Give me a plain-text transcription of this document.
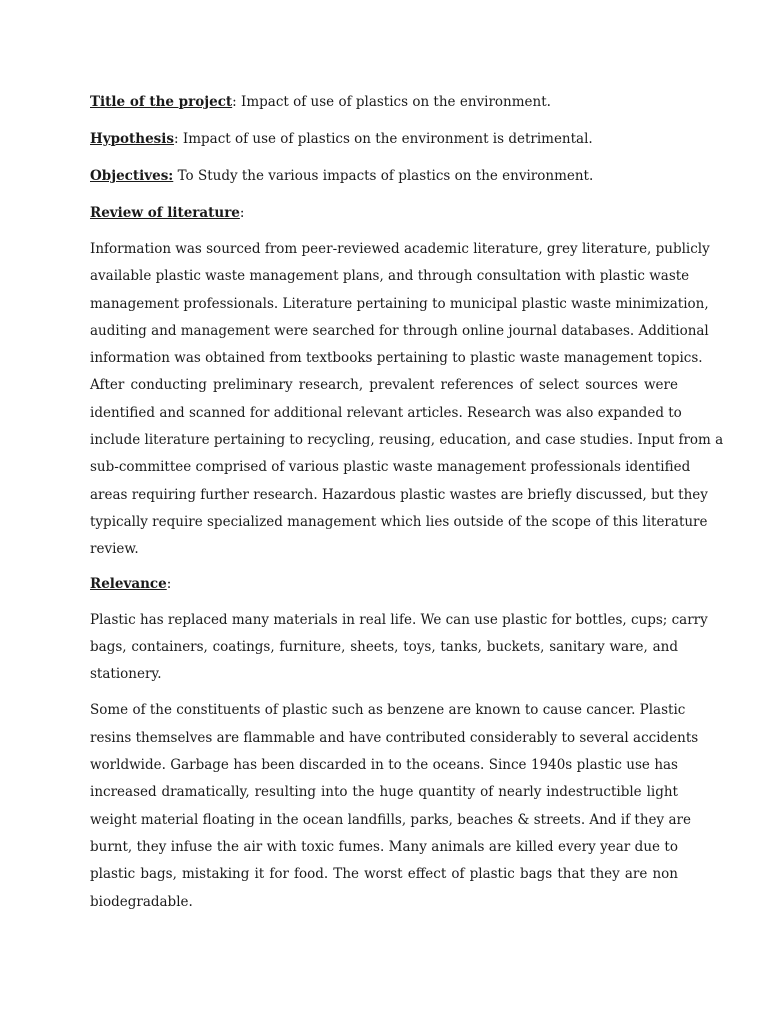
Title of the project: Impact of use of plastics on the environment.
Hypothesis: Impact of use of plastics on the environment is detrimental.
Objectives: To Study the various impacts of plastics on the environment.
Review of literature:
Information was sourced from peer-reviewed academic literature, grey literature, publicly
available plastic waste management plans, and through consultation with plastic waste
management professionals. Literature pertaining to municipal plastic waste minimization,
auditing and management were searched for through online journal databases. Additional
information was obtained from textbooks pertaining to plastic waste management topics.
After conducting preliminary research, prevalent references of select sources were
identified and scanned for additional relevant articles. Research was also expanded to
include literature pertaining to recycling, reusing, education, and case studies. Input from a
sub-committee comprised of various plastic waste management professionals identified
areas requiring further research. Hazardous plastic wastes are briefly discussed, but they
typically require specialized management which lies outside of the scope of this literature
review.
Relevance:
Plastic has replaced many materials in real life. We can use plastic for bottles, cups; carry
bags, containers, coatings, furniture, sheets, toys, tanks, buckets, sanitary ware, and
stationery.
Some of the constituents of plastic such as benzene are known to cause cancer. Plastic
resins themselves are flammable and have contributed considerably to several accidents
worldwide. Garbage has been discarded in to the oceans. Since 1940s plastic use has
increased dramatically, resulting into the huge quantity of nearly indestructible light
weight material floating in the ocean landfills, parks, beaches & streets. And if they are
burnt, they infuse the air with toxic fumes. Many animals are killed every year due to
plastic bags, mistaking it for food. The worst effect of plastic bags that they are non
biodegradable.
